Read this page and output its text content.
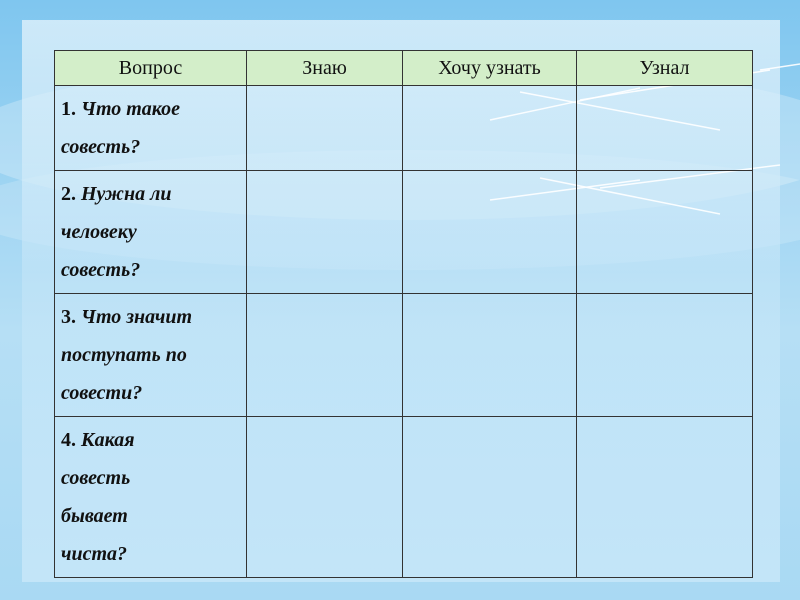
Вопрос	Знаю	Хочу узнать	Узнал
1. Что такое
совесть?			
2. Нужна ли
человеку
совесть?			
3. Что значит
поступать по
совести?			
4. Какая
совесть
бывает
чиста?			
